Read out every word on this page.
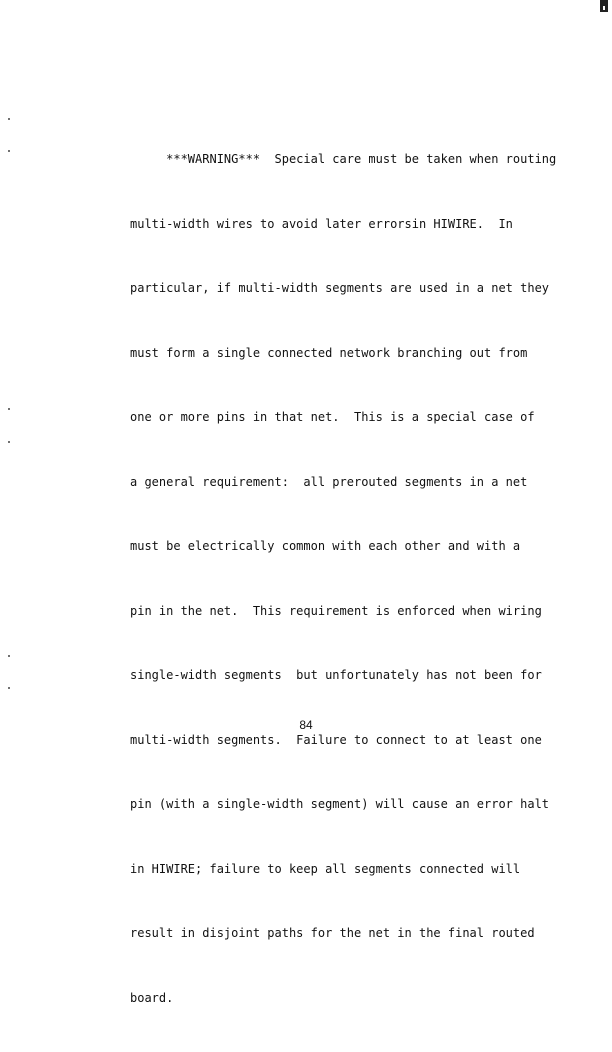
***WARNING***  Special care must be taken when routing

multi-width wires to avoid later errorsin HIWIRE.  In

particular, if multi-width segments are used in a net they

must form a single connected network branching out from

one or more pins in that net.  This is a special case of

a general requirement:  all prerouted segments in a net

must be electrically common with each other and with a

pin in the net.  This requirement is enforced when wiring

single-width segments  but unfortunately has not been for

multi-width segments.  Failure to connect to at least one

pin (with a single-width segment) will cause an error halt

in HIWIRE; failure to keep all segments connected will

result in disjoint paths for the net in the final routed

board.

84
